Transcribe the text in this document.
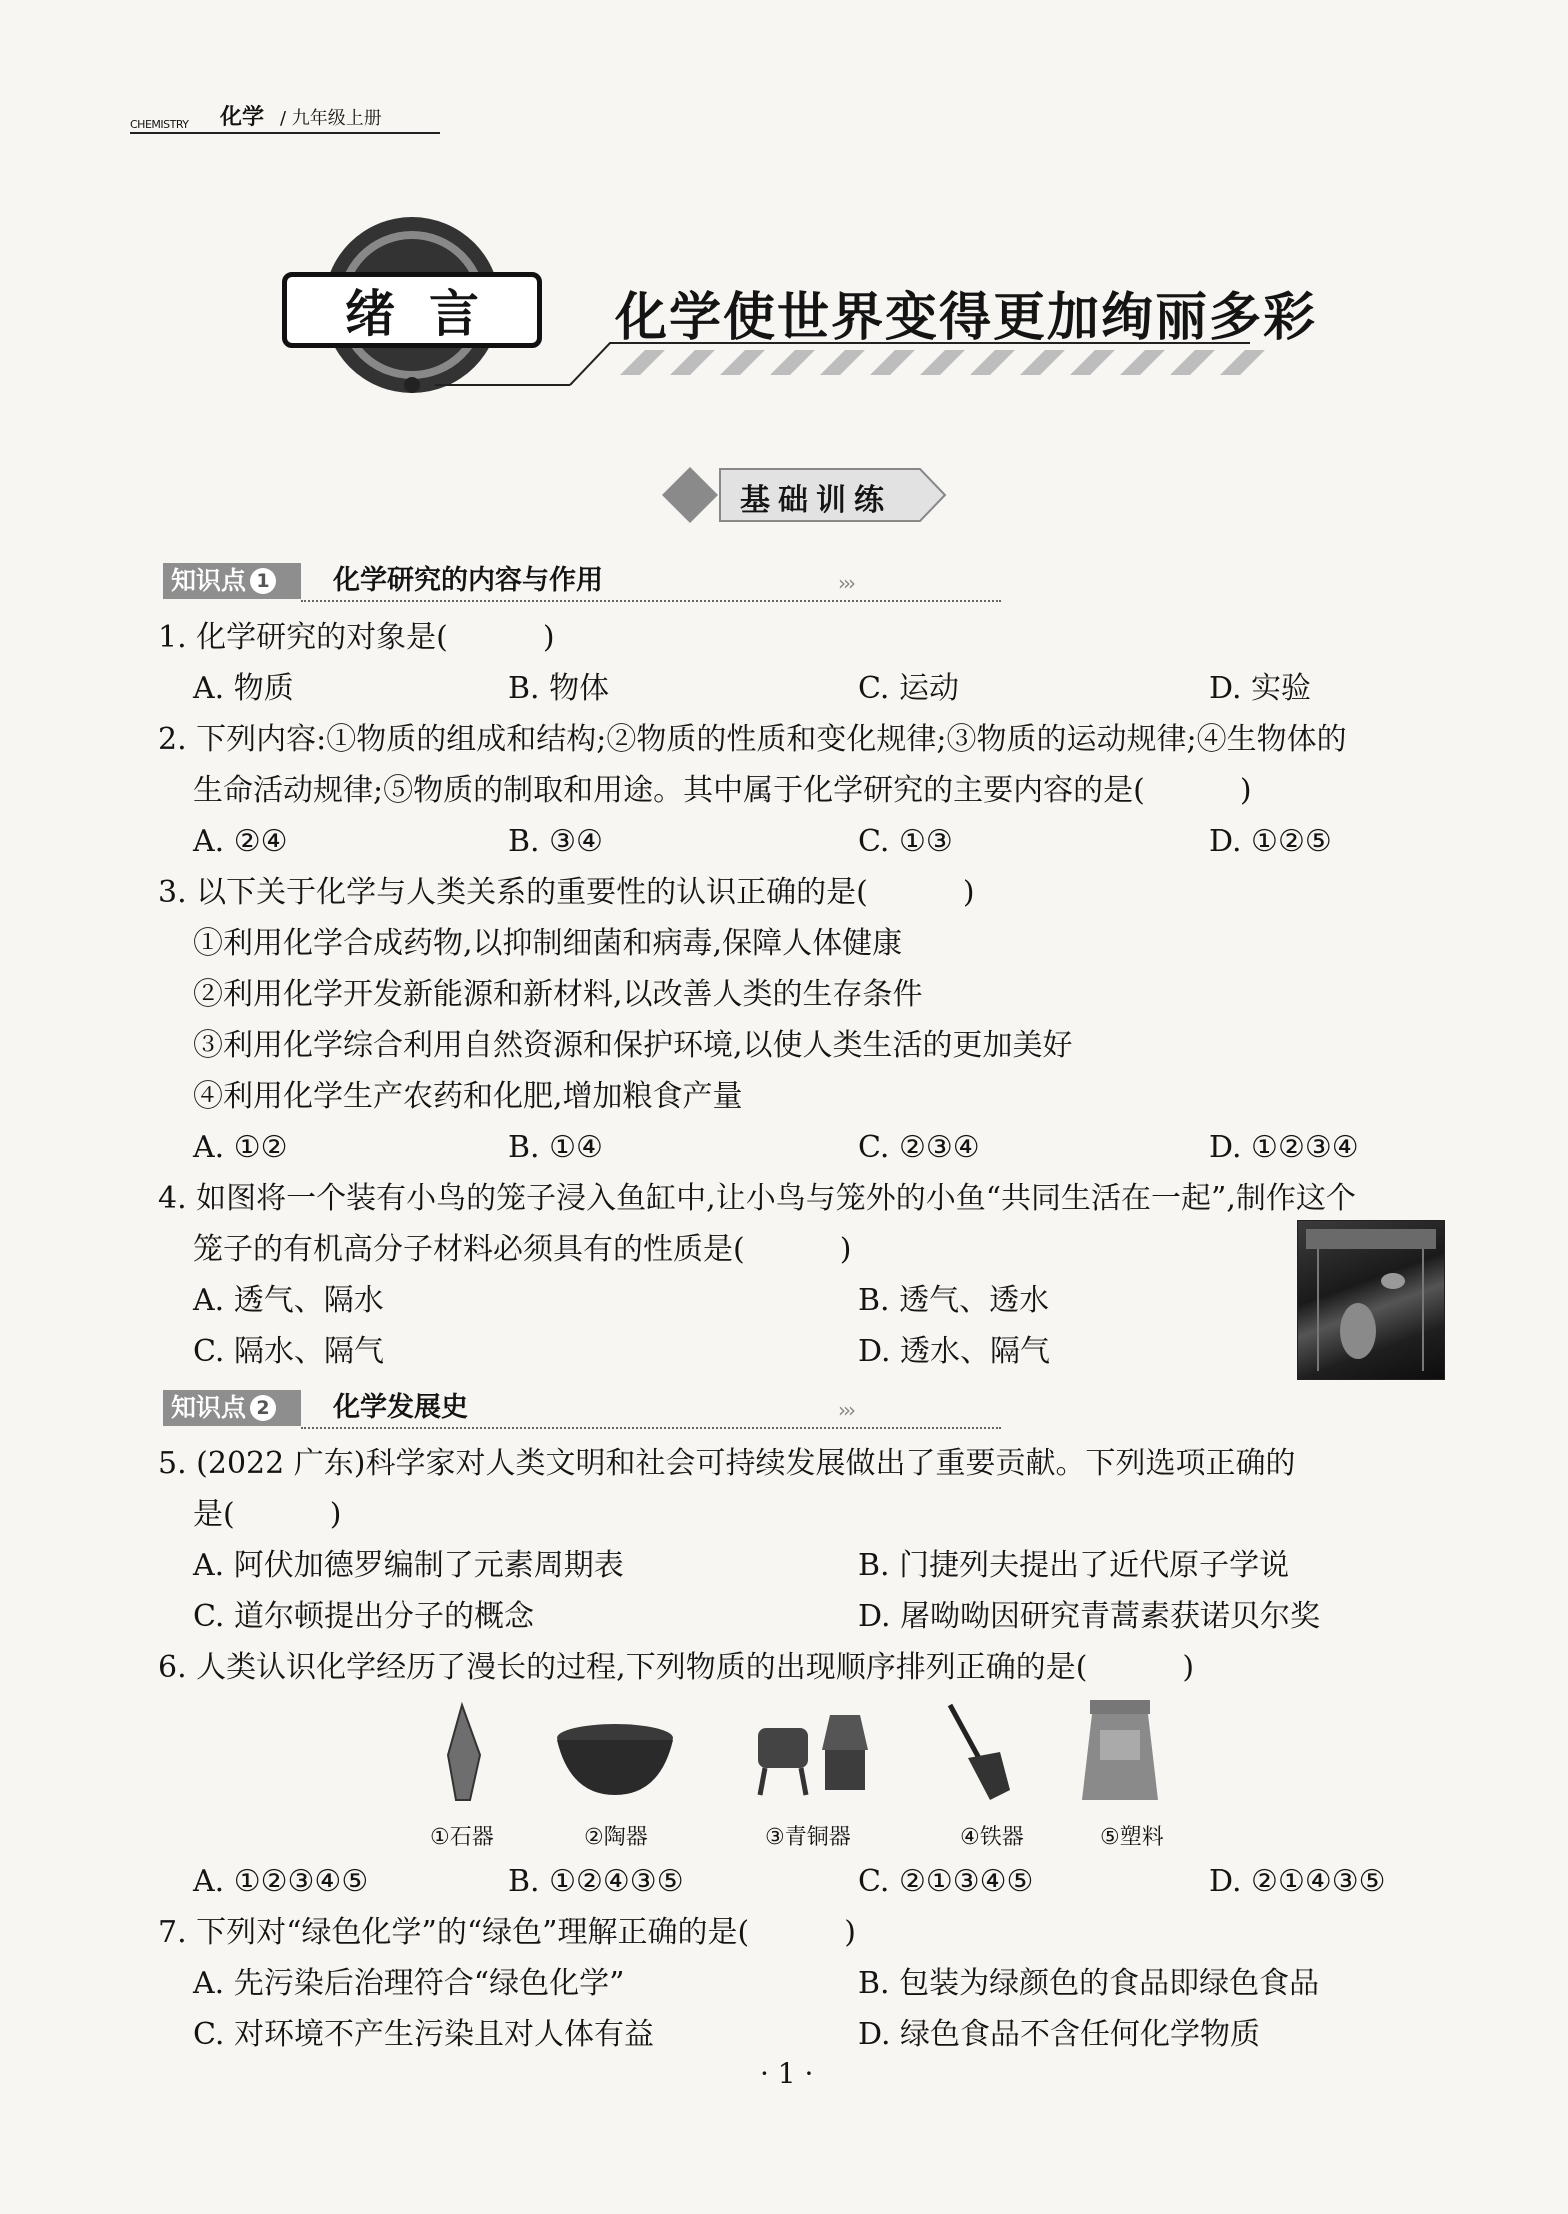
CHEMISTRY 化学 / 九年级上册
绪言	化学使世界变得更加绚丽多彩
基础训练
知识点 1	化学研究的内容与作用	›››
1. 化学研究的对象是(	)
A. 物质	B. 物体	C. 运动	D. 实验
2. 下列内容:①物质的组成和结构;②物质的性质和变化规律;③物质的运动规律;④生物体的
生命活动规律;⑤物质的制取和用途。其中属于化学研究的主要内容的是(	)
A. ②④	B. ③④	C. ①③	D. ①②⑤
3. 以下关于化学与人类关系的重要性的认识正确的是(	)
①利用化学合成药物,以抑制细菌和病毒,保障人体健康
②利用化学开发新能源和新材料,以改善人类的生存条件
③利用化学综合利用自然资源和保护环境,以使人类生活的更加美好
④利用化学生产农药和化肥,增加粮食产量
A. ①②	B. ①④	C. ②③④	D. ①②③④
4. 如图将一个装有小鸟的笼子浸入鱼缸中,让小鸟与笼外的小鱼“共同生活在一起”,制作这个
笼子的有机高分子材料必须具有的性质是(	)
A. 透气、隔水	B. 透气、透水
C. 隔水、隔气	D. 透水、隔气
知识点 2	化学发展史	›››
5. (2022 广东)科学家对人类文明和社会可持续发展做出了重要贡献。下列选项正确的
是(	)
A. 阿伏加德罗编制了元素周期表	B. 门捷列夫提出了近代原子学说
C. 道尔顿提出分子的概念	D. 屠呦呦因研究青蒿素获诺贝尔奖
6. 人类认识化学经历了漫长的过程,下列物质的出现顺序排列正确的是(	)
①石器	②陶器	③青铜器	④铁器	⑤塑料
A. ①②③④⑤	B. ①②④③⑤	C. ②①③④⑤	D. ②①④③⑤
7. 下列对“绿色化学”的“绿色”理解正确的是(	)
A. 先污染后治理符合“绿色化学”	B. 包装为绿颜色的食品即绿色食品
C. 对环境不产生污染且对人体有益	D. 绿色食品不含任何化学物质
· 1 ·
